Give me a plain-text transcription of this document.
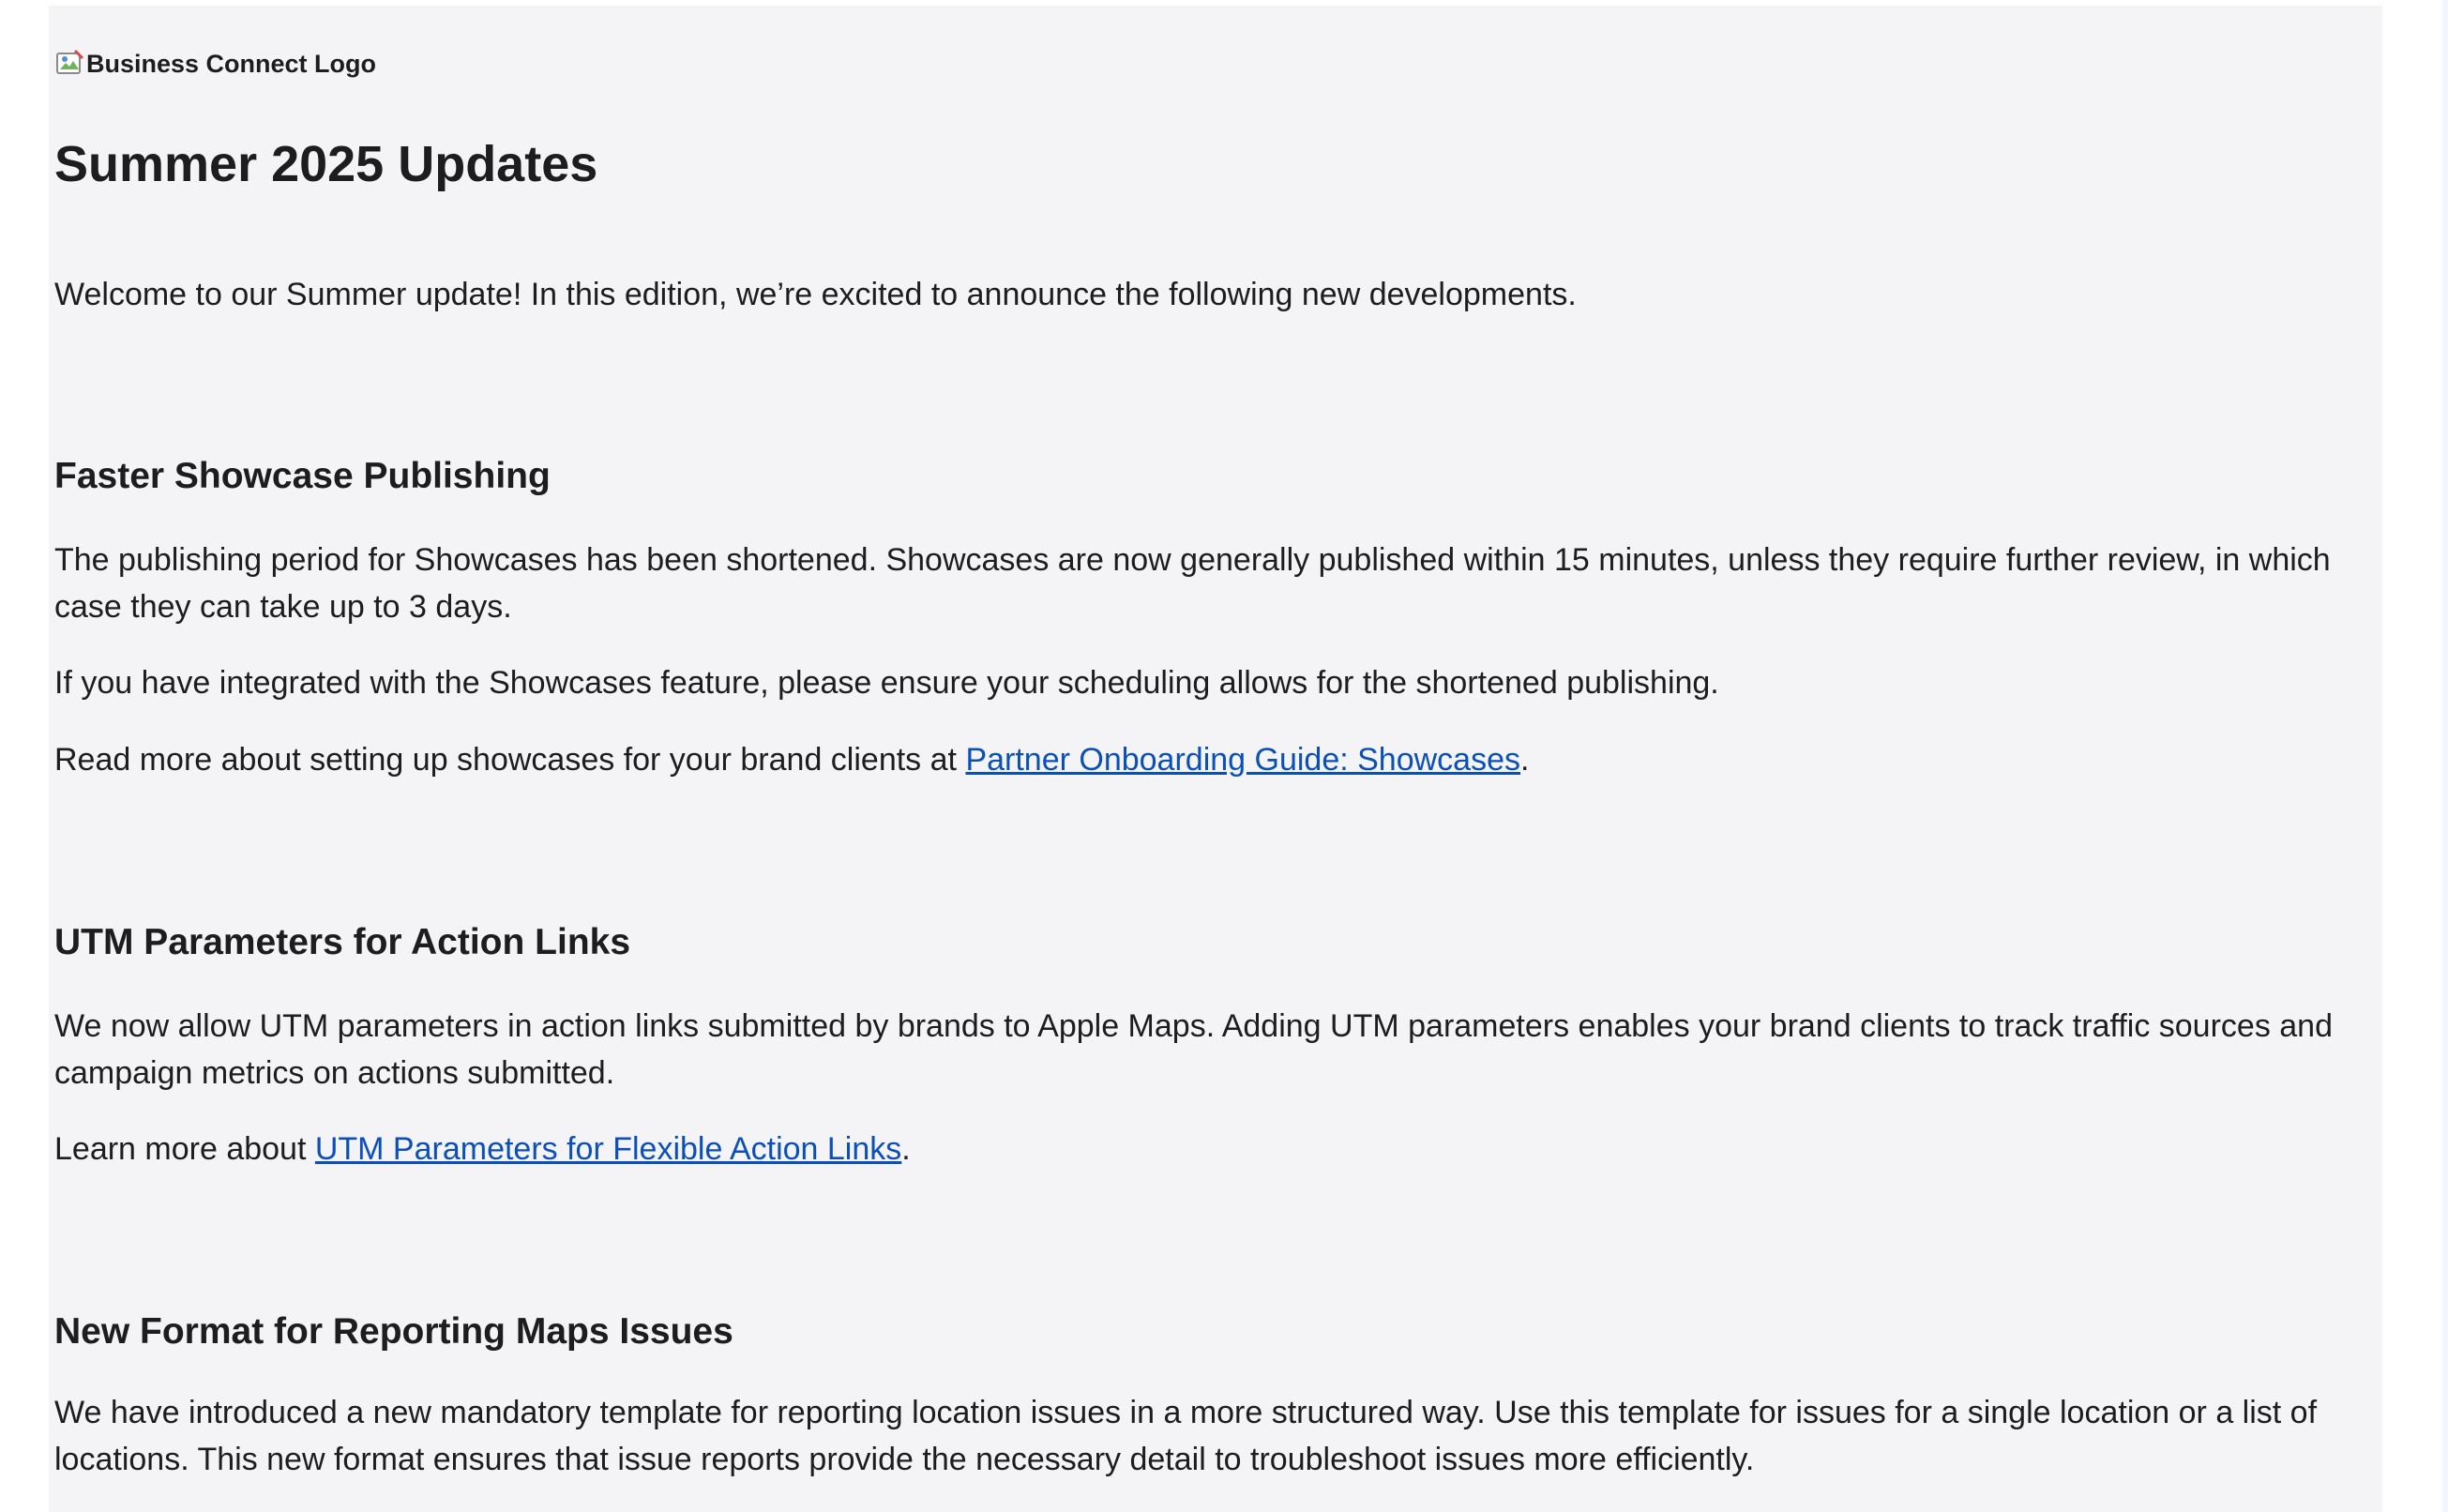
Business Connect Logo
Summer 2025 Updates

Welcome to our Summer update! In this edition, we’re excited to announce the following new developments.

Faster Showcase Publishing

The publishing period for Showcases has been shortened. Showcases are now generally published within 15 minutes, unless they require further review, in which case they can take up to 3 days.

If you have integrated with the Showcases feature, please ensure your scheduling allows for the shortened publishing.

Read more about setting up showcases for your brand clients at Partner Onboarding Guide: Showcases.

UTM Parameters for Action Links

We now allow UTM parameters in action links submitted by brands to Apple Maps. Adding UTM parameters enables your brand clients to track traffic sources and campaign metrics on actions submitted.

Learn more about UTM Parameters for Flexible Action Links.

New Format for Reporting Maps Issues

We have introduced a new mandatory template for reporting location issues in a more structured way. Use this template for issues for a single location or a list of locations. This new format ensures that issue reports provide the necessary detail to troubleshoot issues more efficiently.
